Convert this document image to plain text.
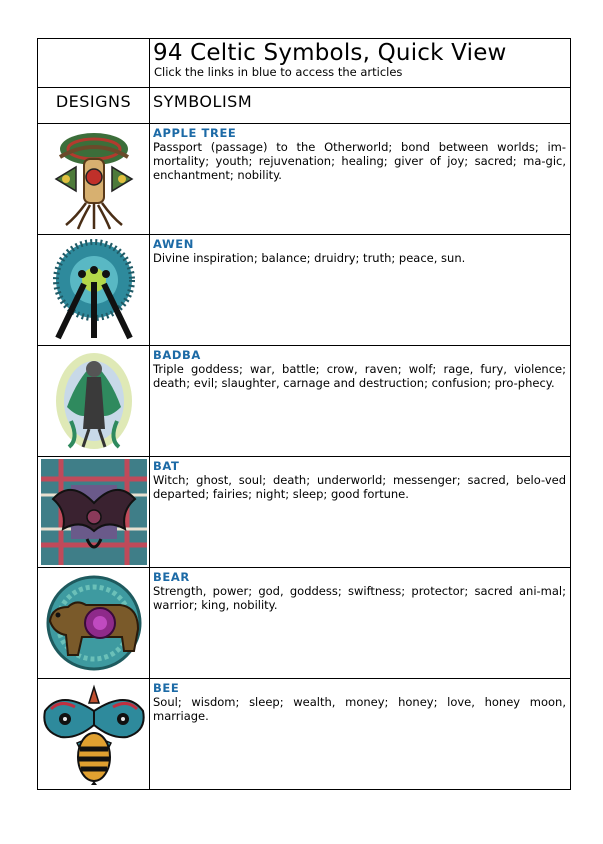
	94 Celtic Symbols, Quick View
Click the links in blue to access the articles

DESIGNS	SYMBOLISM

APPLE TREE
Passport (passage) to the Otherworld; bond between worlds; im-mortality; youth; rejuvenation; healing; giver of joy; sacred; ma-gic, enchantment; nobility.

AWEN
Divine inspiration; balance; druidry; truth; peace, sun.

BADBA
Triple goddess; war, battle; crow, raven; wolf; rage, fury, violence; death; evil; slaughter, carnage and destruction; confusion; pro-phecy.

BAT
Witch; ghost, soul; death; underworld; messenger; sacred, belo-ved departed; fairies; night; sleep; good fortune.

BEAR
Strength, power; god, goddess; swiftness; protector; sacred ani-mal; warrior; king, nobility.

BEE
Soul; wisdom; sleep; wealth, money; honey; love, honey moon, marriage.
